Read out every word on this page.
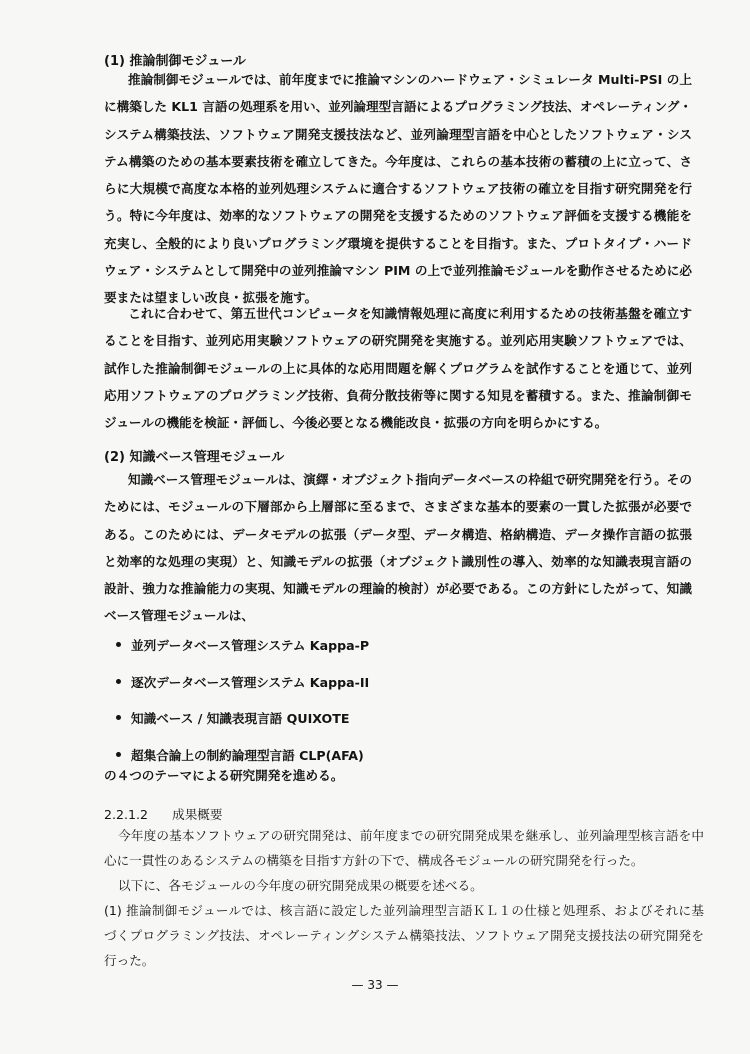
(1) 推論制御モジュール
推論制御モジュールでは、前年度までに推論マシンのハードウェア・シミュレータ Multi-PSI の上に構築した KL1 言語の処理系を用い、並列論理型言語によるプログラミング技法、オペレーティング・システム構築技法、ソフトウェア開発支援技法など、並列論理型言語を中心としたソフトウェア・システム構築のための基本要素技術を確立してきた。今年度は、これらの基本技術の蓄積の上に立って、さらに大規模で高度な本格的並列処理システムに適合するソフトウェア技術の確立を目指す研究開発を行う。特に今年度は、効率的なソフトウェアの開発を支援するためのソフトウェア評価を支援する機能を充実し、全般的により良いプログラミング環境を提供することを目指す。また、プロトタイプ・ハードウェア・システムとして開発中の並列推論マシン PIM の上で並列推論モジュールを動作させるために必要または望ましい改良・拡張を施す。
これに合わせて、第五世代コンピュータを知識情報処理に高度に利用するための技術基盤を確立することを目指す、並列応用実験ソフトウェアの研究開発を実施する。並列応用実験ソフトウェアでは、試作した推論制御モジュールの上に具体的な応用問題を解くプログラムを試作することを通じて、並列応用ソフトウェアのプログラミング技術、負荷分散技術等に関する知見を蓄積する。また、推論制御モジュールの機能を検証・評価し、今後必要となる機能改良・拡張の方向を明らかにする。
(2) 知識ベース管理モジュール
知識ベース管理モジュールは、演繹・オブジェクト指向データベースの枠組で研究開発を行う。そのためには、モジュールの下層部から上層部に至るまで、さまざまな基本的要素の一貫した拡張が必要である。このためには、データモデルの拡張（データ型、データ構造、格納構造、データ操作言語の拡張と効率的な処理の実現）と、知識モデルの拡張（オブジェクト識別性の導入、効率的な知識表現言語の設計、強力な推論能力の実現、知識モデルの理論的検討）が必要である。この方針にしたがって、知識ベース管理モジュールは、
並列データベース管理システム Kappa-P
逐次データベース管理システム Kappa-II
知識ベース / 知識表現言語 QUIXOTE
超集合論上の制約論理型言語 CLP(AFA)
の４つのテーマによる研究開発を進める。
2.2.1.2 成果概要
今年度の基本ソフトウェアの研究開発は、前年度までの研究開発成果を継承し、並列論理型核言語を中心に一貫性のあるシステムの構築を目指す方針の下で、構成各モジュールの研究開発を行った。
以下に、各モジュールの今年度の研究開発成果の概要を述べる。
(1) 推論制御モジュールでは、核言語に設定した並列論理型言語ＫＬ１の仕様と処理系、およびそれに基づくプログラミング技法、オペレーティングシステム構築技法、ソフトウェア開発支援技法の研究開発を行った。
— 33 —
